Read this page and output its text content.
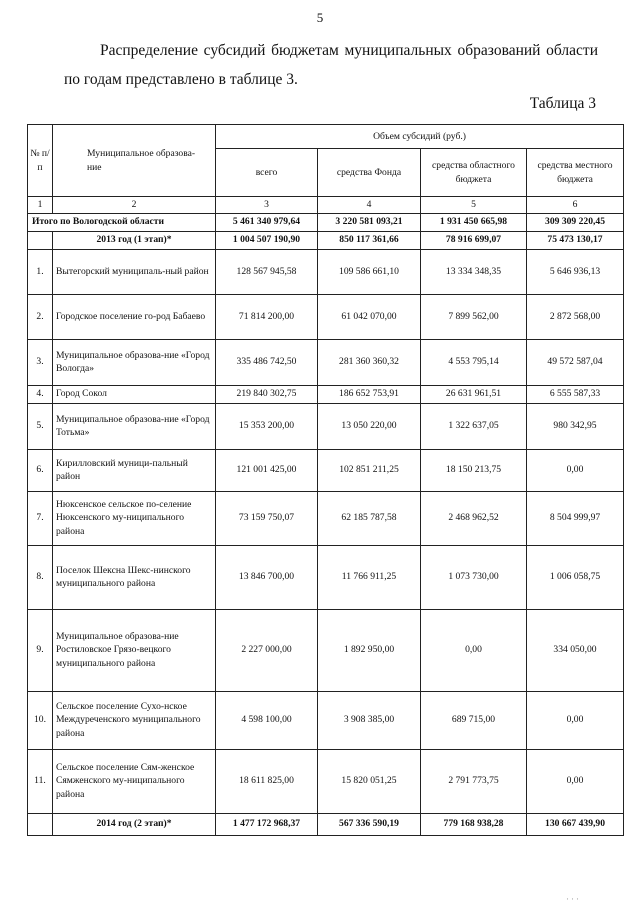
5
Распределение субсидий бюджетам муниципальных образований области по годам представлено в таблице 3.
Таблица 3
№ п/п	Муниципальное образова-ние	Объем субсидий (руб.)			
		всего	средства Фонда	средства областного бюджета	средства местного бюджета
1	2	3	4	5	6
Итого по Вологодской области		5 461 340 979,64	3 220 581 093,21	1 931 450 665,98	309 309 220,45
	2013 год (1 этап)*	1 004 507 190,90	850 117 361,66	78 916 699,07	75 473 130,17
1.	Вытегорский муниципаль-ный район	128 567 945,58	109 586 661,10	13 334 348,35	5 646 936,13
2.	Городское поселение го-род Бабаево	71 814 200,00	61 042 070,00	7 899 562,00	2 872 568,00
3.	Муниципальное образова-ние «Город Вологда»	335 486 742,50	281 360 360,32	4 553 795,14	49 572 587,04
4.	Город Сокол	219 840 302,75	186 652 753,91	26 631 961,51	6 555 587,33
5.	Муниципальное образова-ние «Город Тотьма»	15 353 200,00	13 050 220,00	1 322 637,05	980 342,95
6.	Кирилловский муници-пальный район	121 001 425,00	102 851 211,25	18 150 213,75	0,00
7.	Нюксенское сельское по-селение Нюксенского му-ниципального района	73 159 750,07	62 185 787,58	2 468 962,52	8 504 999,97
8.	Поселок Шексна Шекс-нинского муниципального района	13 846 700,00	11 766 911,25	1 073 730,00	1 006 058,75
9.	Муниципальное образова-ние Ростиловское Грязо-вецкого муниципального района	2 227 000,00	1 892 950,00	0,00	334 050,00
10.	Сельское поселение Сухо-нское Междуреченского муниципального района	4 598 100,00	3 908 385,00	689 715,00	0,00
11.	Сельское поселение Сям-женское Сямженского му-ниципального района	18 611 825,00	15 820 051,25	2 791 773,75	0,00
	2014 год (2 этап)*	1 477 172 968,37	567 336 590,19	779 168 938,28	130 667 439,90
···
